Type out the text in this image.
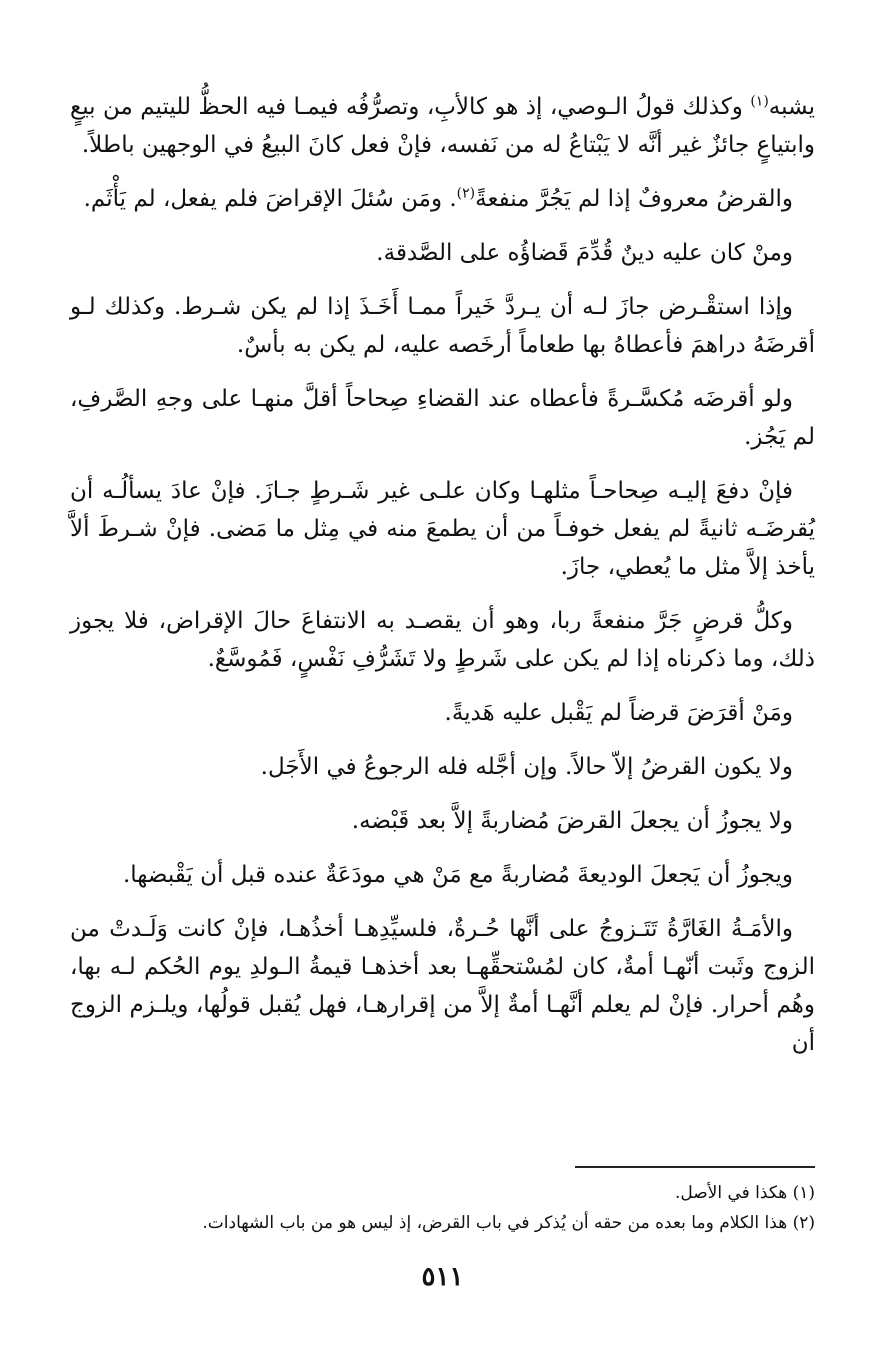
يشبه$^{(١)}$ وكذلك قولُ الـوصي، إذ هو كالأبِ، وتصرُّفُه فيمـا فيه الحظُّ لليتيم من بيعٍ وابتياعٍ جائزٌ غير أنَّه لا يَبْتاعُ له من نَفسه، فإنْ فعل كانَ البيعُ في الوجهين باطلاً.

والقرضُ معروفٌ إذا لم يَجُرَّ منفعةً$^{(٢)}$. ومَن سُئلَ الإقراضَ فلم يفعل، لم يَأْثَم.

ومنْ كان عليه دينٌ قُدِّمَ قَضاؤُه على الصَّدقة.

وإذا استقْـرض جازَ لـه أن يـردَّ خَيراً ممـا أَخَـذَ إذا لم يكن شـرط. وكذلك لـو أقرضَهُ دراهمَ فأعطاهُ بها طعاماً أرخَصه عليه، لم يكن به بأسٌ.

ولو أقرضَه مُكسَّـرةً فأعطاه عند القضاءِ صِحاحاً أقلَّ منهـا على وجهِ الصَّرفِ، لم يَجُز.

فإنْ دفعَ إليـه صِحاحـاً مثلهـا وكان علـى غير شَـرطٍ جـازَ. فإنْ عادَ يسألُـه أن يُقرضَـه ثانيةً لم يفعل خوفـاً من أن يطمعَ منه في مِثل ما مَضى. فإنْ شـرطَ ألاَّ يأخذ إلاَّ مثل ما يُعطي، جازَ.

وكلُّ قرضٍ جَرَّ منفعةً ربا، وهو أن يقصـد به الانتفاعَ حالَ الإقراض، فلا يجوز ذلك، وما ذكرناه إذا لم يكن على شَرطٍ ولا تَشَرُّفِ نَفْسٍ، فَمُوسَّعٌ.

ومَنْ أقرَضَ قرضاً لم يَقْبل عليه هَديةً.

ولا يكون القرضُ إلاّ حالاً. وإن أجَّله فله الرجوعُ في الأَجَل.

ولا يجوزُ أن يجعلَ القرضَ مُضاربةً إلاَّ بعد قَبْضه.

ويجوزُ أن يَجعلَ الوديعةَ مُضاربةً مع مَنْ هي مودَعَةٌ عنده قبل أن يَقْبضها.

والأمَـةُ الغَارَّةُ تَتَـزوجُ على أنَّها حُـرةٌ، فلسيِّدِهـا أخذُهـا، فإنْ كانت وَلَـدتْ من الزوج وثَبت أنّهـا أمةٌ، كان لمُسْتحقِّهـا بعد أخذهـا قيمةُ الـولدِ يوم الحُكم لـه بها، وهُم أحرار. فإنْ لم يعلم أنَّهـا أمةٌ إلاَّ من إقرارهـا، فهل يُقبل قولُها، ويلـزم الزوج أن

(١) هكذا في الأصل.

(٢) هذا الكلام وما بعده من حقه أن يُذكر في باب القرض، إذ ليس هو من باب الشهادات.

٥١١
